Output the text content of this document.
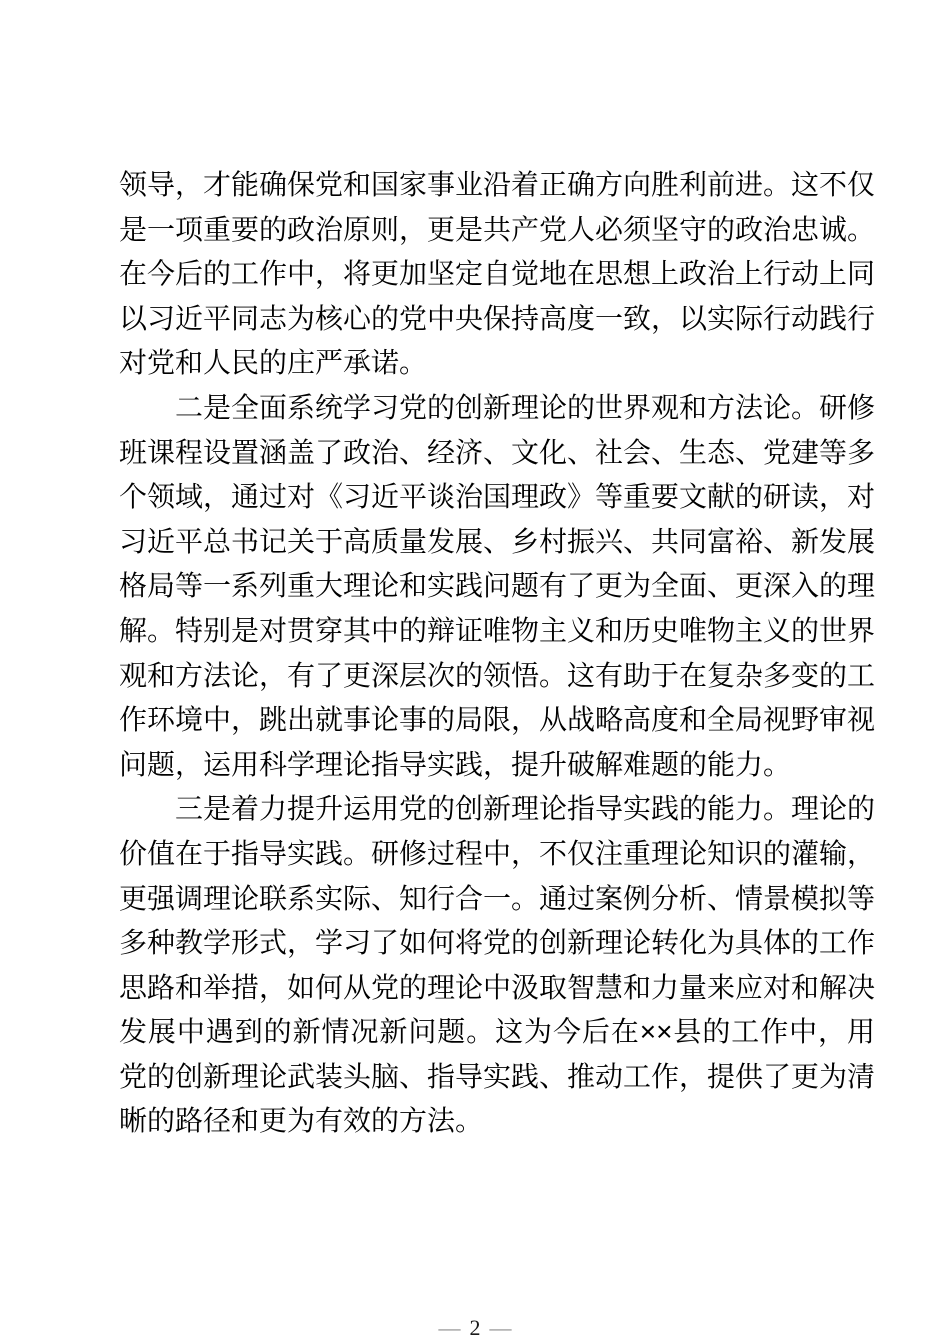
领导，才能确保党和国家事业沿着正确方向胜利前进。这不仅是一项重要的政治原则，更是共产党人必须坚守的政治忠诚。在今后的工作中，将更加坚定自觉地在思想上政治上行动上同以习近平同志为核心的党中央保持高度一致，以实际行动践行对党和人民的庄严承诺。

二是全面系统学习党的创新理论的世界观和方法论。研修班课程设置涵盖了政治、经济、文化、社会、生态、党建等多个领域，通过对《习近平谈治国理政》等重要文献的研读，对习近平总书记关于高质量发展、乡村振兴、共同富裕、新发展格局等一系列重大理论和实践问题有了更为全面、更深入的理解。特别是对贯穿其中的辩证唯物主义和历史唯物主义的世界观和方法论，有了更深层次的领悟。这有助于在复杂多变的工作环境中，跳出就事论事的局限，从战略高度和全局视野审视问题，运用科学理论指导实践，提升破解难题的能力。

三是着力提升运用党的创新理论指导实践的能力。理论的价值在于指导实践。研修过程中，不仅注重理论知识的灌输，更强调理论联系实际、知行合一。通过案例分析、情景模拟等多种教学形式，学习了如何将党的创新理论转化为具体的工作思路和举措，如何从党的理论中汲取智慧和力量来应对和解决发展中遇到的新情况新问题。这为今后在××县的工作中，用党的创新理论武装头脑、指导实践、推动工作，提供了更为清晰的路径和更为有效的方法。

— 2 —
